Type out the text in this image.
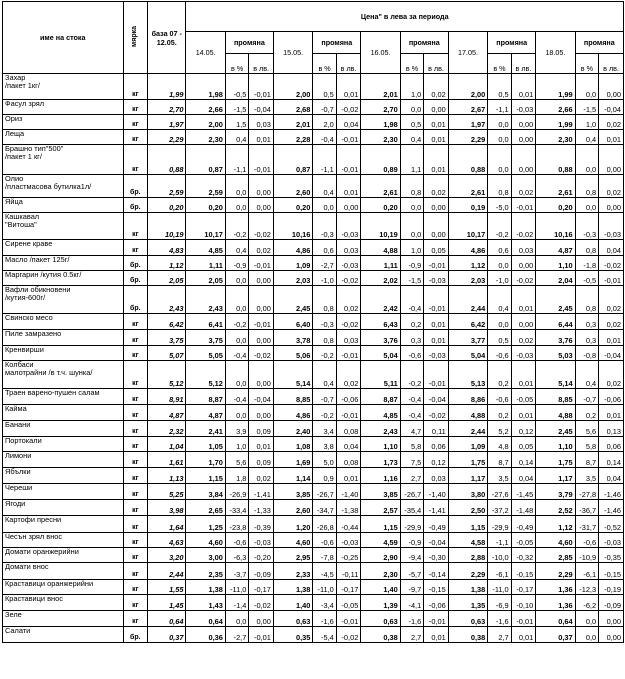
име на стока	мярка	база 07 - 12.05.	Цена" в лева за периода														
			14.05.	промяна		15.05.	промяна		16.05.	промяна		17.05.	промяна		18.05.	промяна	
				в %	в лв.		в %	в лв.		в %	в лв.		в %	в лв.		в %	в лв.
Захар
/пакет 1кг/	кг	1,99	1,98	-0,5	-0,01	2,00	0,5	0,01	2,01	1,0	0,02	2,00	0,5	0,01	1,99	0,0	0,00
Фасул зрял	кг	2,70	2,66	-1,5	-0,04	2,68	-0,7	-0,02	2,70	0,0	0,00	2,67	-1,1	-0,03	2,66	-1,5	-0,04
Ориз	кг	1,97	2,00	1,5	0,03	2,01	2,0	0,04	1,98	0,5	0,01	1,97	0,0	0,00	1,99	1,0	0,02
Леща	кг	2,29	2,30	0,4	0,01	2,28	-0,4	-0,01	2,30	0,4	0,01	2,29	0,0	0,00	2,30	0,4	0,01
Брашно тип"500"
/пакет 1 кг/	кг	0,88	0,87	-1,1	-0,01	0,87	-1,1	-0,01	0,89	1,1	0,01	0,88	0,0	0,00	0,88	0,0	0,00
Олио
/пластмасова бутилка1л/	бр.	2,59	2,59	0,0	0,00	2,60	0,4	0,01	2,61	0,8	0,02	2,61	0,8	0,02	2,61	0,8	0,02
Яйца	бр.	0,20	0,20	0,0	0,00	0,20	0,0	0,00	0,20	0,0	0,00	0,19	-5,0	-0,01	0,20	0,0	0,00
Кашкавал
"Витоша"	кг	10,19	10,17	-0,2	-0,02	10,16	-0,3	-0,03	10,19	0,0	0,00	10,17	-0,2	-0,02	10,16	-0,3	-0,03
Сирене краве	кг	4,83	4,85	0,4	0,02	4,86	0,6	0,03	4,88	1,0	0,05	4,86	0,6	0,03	4,87	0,8	0,04
Масло /пакет 125г/	бр.	1,12	1,11	-0,9	-0,01	1,09	-2,7	-0,03	1,11	-0,9	-0,01	1,12	0,0	0,00	1,10	-1,8	-0,02
Маргарин /кутия 0.5кг/	бр.	2,05	2,05	0,0	0,00	2,03	-1,0	-0,02	2,02	-1,5	-0,03	2,03	-1,0	-0,02	2,04	-0,5	-0,01
Вафли обикновени
/кутия-600г/	бр.	2,43	2,43	0,0	0,00	2,45	0,8	0,02	2,42	-0,4	-0,01	2,44	0,4	0,01	2,45	0,8	0,02
Свинско месо	кг	6,42	6,41	-0,2	-0,01	6,40	-0,3	-0,02	6,43	0,2	0,01	6,42	0,0	0,00	6,44	0,3	0,02
Пиле замразено	кг	3,75	3,75	0,0	0,00	3,78	0,8	0,03	3,76	0,3	0,01	3,77	0,5	0,02	3,76	0,3	0,01
Кренвирши	кг	5,07	5,05	-0,4	-0,02	5,06	-0,2	-0,01	5,04	-0,6	-0,03	5,04	-0,6	-0,03	5,03	-0,8	-0,04
Колбаси
малотрайни /в т.ч. шунка/	кг	5,12	5,12	0,0	0,00	5,14	0,4	0,02	5,11	-0,2	-0,01	5,13	0,2	0,01	5,14	0,4	0,02
Траен варено-пушен салам	кг	8,91	8,87	-0,4	-0,04	8,85	-0,7	-0,06	8,87	-0,4	-0,04	8,86	-0,6	-0,05	8,85	-0,7	-0,06
Кайма	кг	4,87	4,87	0,0	0,00	4,86	-0,2	-0,01	4,85	-0,4	-0,02	4,88	0,2	0,01	4,88	0,2	0,01
Банани	кг	2,32	2,41	3,9	0,09	2,40	3,4	0,08	2,43	4,7	0,11	2,44	5,2	0,12	2,45	5,6	0,13
Портокали	кг	1,04	1,05	1,0	0,01	1,08	3,8	0,04	1,10	5,8	0,06	1,09	4,8	0,05	1,10	5,8	0,06
Лимони	кг	1,61	1,70	5,6	0,09	1,69	5,0	0,08	1,73	7,5	0,12	1,75	8,7	0,14	1,75	8,7	0,14
Ябълки	кг	1,13	1,15	1,8	0,02	1,14	0,9	0,01	1,16	2,7	0,03	1,17	3,5	0,04	1,17	3,5	0,04
Череши	кг	5,25	3,84	-26,9	-1,41	3,85	-26,7	-1,40	3,85	-26,7	-1,40	3,80	-27,6	-1,45	3,79	-27,8	-1,46
Ягоди	кг	3,98	2,65	-33,4	-1,33	2,60	-34,7	-1,38	2,57	-35,4	-1,41	2,50	-37,2	-1,48	2,52	-36,7	-1,46
Картофи пресни	кг	1,64	1,25	-23,8	-0,39	1,20	-26,8	-0,44	1,15	-29,9	-0,49	1,15	-29,9	-0,49	1,12	-31,7	-0,52
Чесън зрял внос	кг	4,63	4,60	-0,6	-0,03	4,60	-0,6	-0,03	4,59	-0,9	-0,04	4,58	-1,1	-0,05	4,60	-0,6	-0,03
Домати оранжерийни	кг	3,20	3,00	-6,3	-0,20	2,95	-7,8	-0,25	2,90	-9,4	-0,30	2,88	-10,0	-0,32	2,85	-10,9	-0,35
Домати внос	кг	2,44	2,35	-3,7	-0,09	2,33	-4,5	-0,11	2,30	-5,7	-0,14	2,29	-6,1	-0,15	2,29	-6,1	-0,15
Краставици оранжерийни	кг	1,55	1,38	-11,0	-0,17	1,38	-11,0	-0,17	1,40	-9,7	-0,15	1,38	-11,0	-0,17	1,36	-12,3	-0,19
Краставици внос	кг	1,45	1,43	-1,4	-0,02	1,40	-3,4	-0,05	1,39	-4,1	-0,06	1,35	-6,9	-0,10	1,36	-6,2	-0,09
Зеле	кг	0,64	0,64	0,0	0,00	0,63	-1,6	-0,01	0,63	-1,6	-0,01	0,63	-1,6	-0,01	0,64	0,0	0,00
Салати	бр.	0,37	0,36	-2,7	-0,01	0,35	-5,4	-0,02	0,38	2,7	0,01	0,38	2,7	0,01	0,37	0,0	0,00
